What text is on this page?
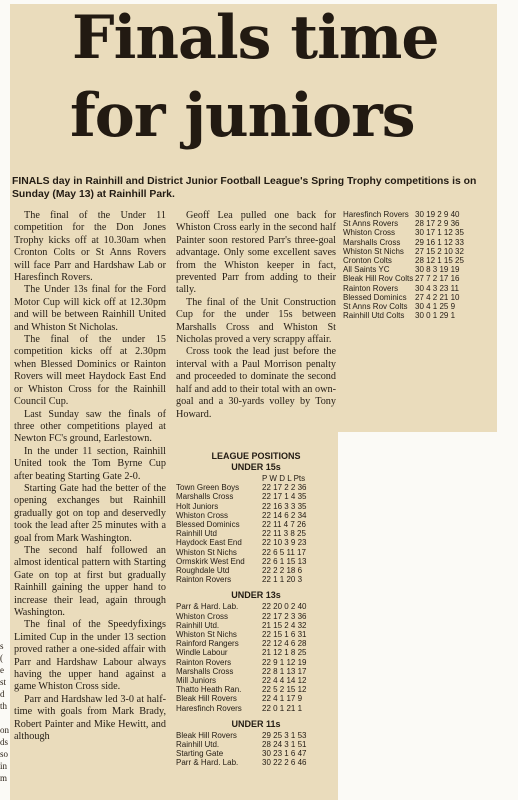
Finals time
for juniors
FINALS day in Rainhill and District Junior Football League's Spring Trophy competitions is on Sunday (May 13) at Rainhill Park.

The final of the Under 11 competition for the Don Jones Trophy kicks off at 10.30am when Cronton Colts or St Anns Rovers will face Parr and Hardshaw Lab or Haresfinch Rovers.

The Under 13s final for the Ford Motor Cup will kick off at 12.30pm and will be between Rainhill United and Whiston St Nicholas.

The final of the under 15 competition kicks off at 2.30pm when Blessed Dominics or Rainton Rovers will meet Haydock East End or Whiston Cross for the Rainhill Council Cup.

Last Sunday saw the finals of three other competitions played at Newton FC's ground, Earlestown.

In the under 11 section, Rainhill United took the Tom Byrne Cup after beating Starting Gate 2-0.

Starting Gate had the better of the opening exchanges but Rainhill gradually got on top and deservedly took the lead after 25 minutes with a goal from Mark Washington.

The second half followed an almost identical pattern with Starting Gate on top at first but gradually Rainhill gaining the upper hand to increase their lead, again through Washington.

The final of the Speedyfixings Limited Cup in the under 13 section proved rather a one-sided affair with Parr and Hardshaw Labour always having the upper hand against a game Whiston Cross side.

Parr and Hardshaw led 3-0 at half-time with goals from Mark Brady, Robert Painter and Mike Hewitt, and although

Geoff Lea pulled one back for Whiston Cross early in the second half Painter soon restored Parr's three-goal advantage. Only some excellent saves from the Whiston keeper in fact, prevented Parr from adding to their tally.

The final of the Unit Construction Cup for the under 15s between Marshalls Cross and Whiston St Nicholas proved a very scrappy affair.

Cross took the lead just before the interval with a Paul Morrison penalty and proceeded to dominate the second half and add to their total with an own-goal and a 30-yards volley by Tony Howard.

Haresfinch Rovers 30 19 2 9 40
St Anns Rovers	28 17 2 9 36
Whiston Cross	30 17 1 12 35
Marshalls Cross	29 16 1 12 33
Whiston St Nichs	27 15 2 10 32
Cronton Colts	28 12 1 15 25
All Saints YC	30 8 3 19 19
Bleak Hill Rov Colts 27 7 2 17 16
Rainton Rovers	30 4 3 23 11
Blessed Dominics	27 4 2 21 10
St Anns Rov Colts 30 4 1 25 9
Rainhill Utd Colts	30 0 1 29 1
LEAGUE POSITIONS
UNDER 15s
P W D L Pts
Town Green Boys	22 17 2 2 36
Marshalls Cross	22 17 1 4 35
Holt Juniors	22 16 3 3 35
Whiston Cross	22 14 6 2 34
Blessed Dominics	22 11 4 7 26
Rainhill Utd	22 11 3 8 25
Haydock East End	22 10 3 9 23
Whiston St Nichs	22 6 5 11 17
Ormskirk West End	22 6 1 15 13
Roughdale Utd	22 2 2 18 6
Rainton Rovers	22 1 1 20 3
UNDER 13s
Parr & Hard. Lab.	22 20 0 2 40
Whiston Cross	22 17 2 3 36
Rainhill Utd.	21 15 2 4 32
Whiston St Nichs	22 15 1 6 31
Rainford Rangers	22 12 4 6 28
Windle Labour	21 12 1 8 25
Rainton Rovers	22 9 1 12 19
Marshalls Cross	22 8 1 13 17
Mill Juniors	22 4 4 14 12
Thatto Heath Ran.	22 5 2 15 12
Bleak Hill Rovers	22 4 1 17 9
Haresfinch Rovers	22 0 1 21 1
UNDER 11s
Bleak Hill Rovers	29 25 3 1 53
Rainhill Utd.	28 24 3 1 51
Starting Gate	30 23 1 6 47
Parr & Hard. Lab.	30 22 2 6 46
s
(
e
st
d
th

on
ds
so
in
m
